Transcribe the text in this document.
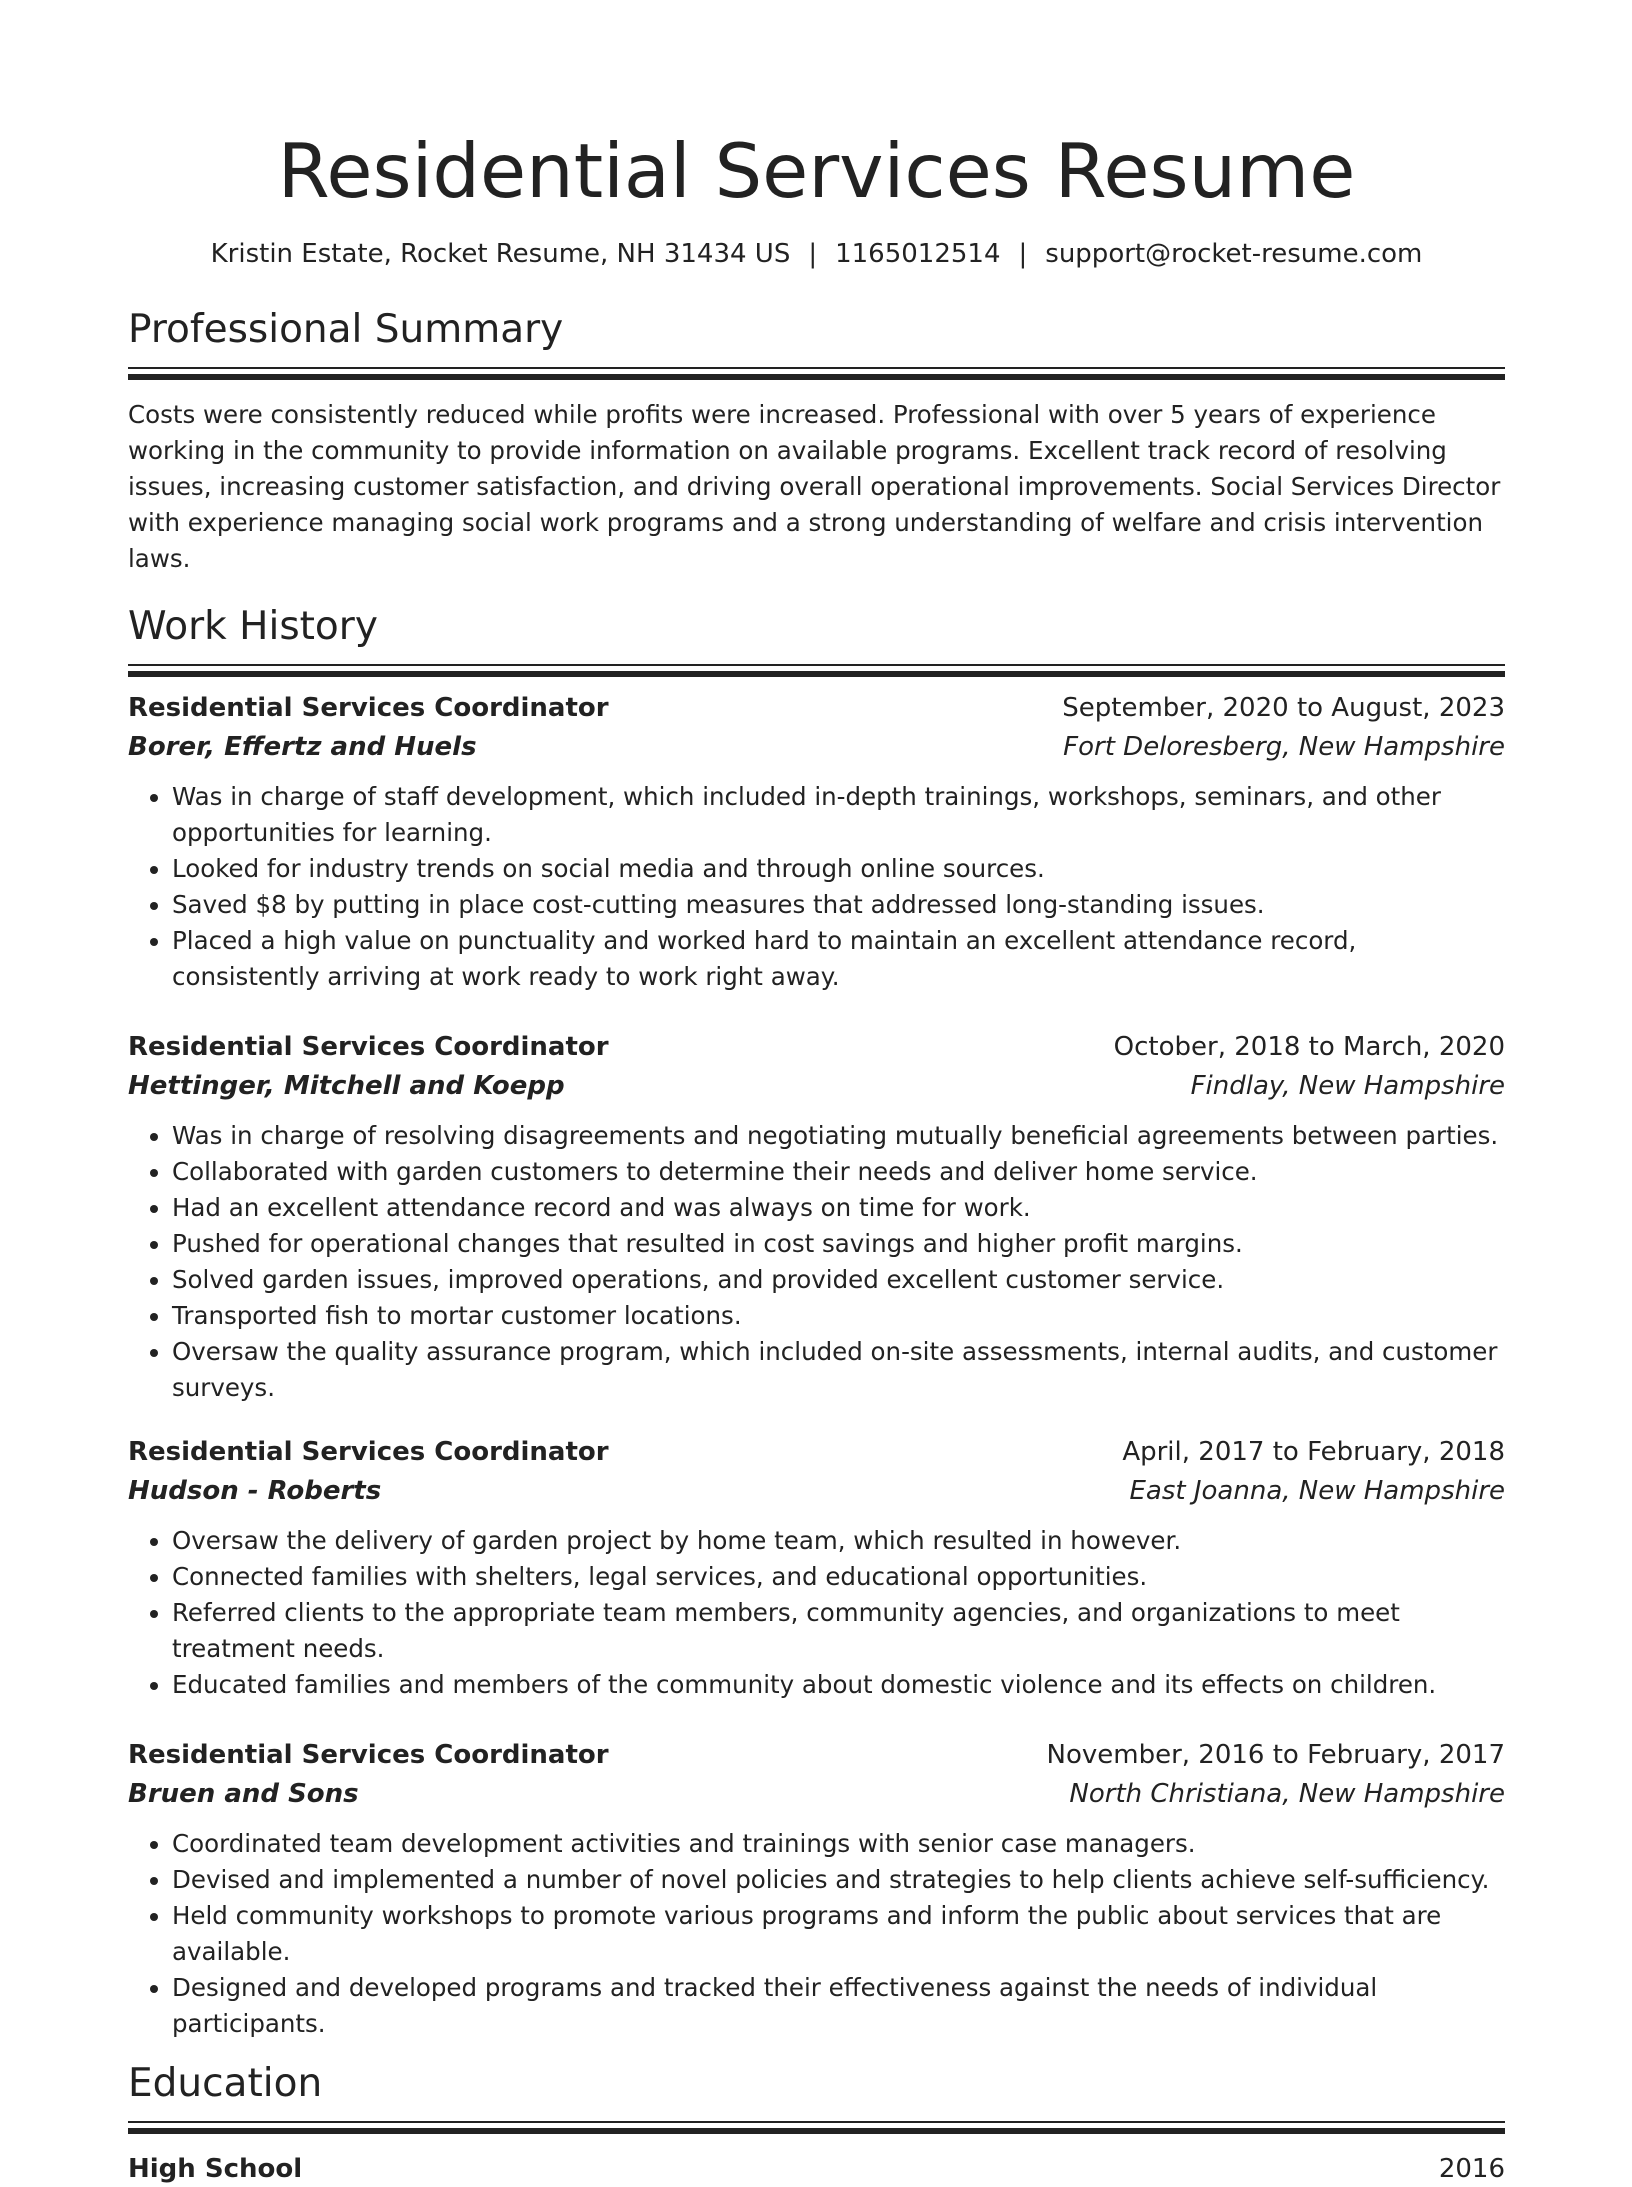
Residential Services Resume
Kristin Estate, Rocket Resume, NH 31434 US | 1165012514 | support@rocket-resume.com
Professional Summary

Costs were consistently reduced while profits were increased. Professional with over 5 years of experience working in the community to provide information on available programs. Excellent track record of resolving issues, increasing customer satisfaction, and driving overall operational improvements. Social Services Director with experience managing social work programs and a strong understanding of welfare and crisis intervention laws.

Work History
Residential Services Coordinator	September, 2020 to August, 2023
Borer, Effertz and Huels	Fort Deloresberg, New Hampshire
• Was in charge of staff development, which included in-depth trainings, workshops, seminars, and other opportunities for learning.
• Looked for industry trends on social media and through online sources.
• Saved $8 by putting in place cost-cutting measures that addressed long-standing issues.
• Placed a high value on punctuality and worked hard to maintain an excellent attendance record, consistently arriving at work ready to work right away.
Residential Services Coordinator	October, 2018 to March, 2020
Hettinger, Mitchell and Koepp	Findlay, New Hampshire
• Was in charge of resolving disagreements and negotiating mutually beneficial agreements between parties.
• Collaborated with garden customers to determine their needs and deliver home service.
• Had an excellent attendance record and was always on time for work.
• Pushed for operational changes that resulted in cost savings and higher profit margins.
• Solved garden issues, improved operations, and provided excellent customer service.
• Transported fish to mortar customer locations.
• Oversaw the quality assurance program, which included on-site assessments, internal audits, and customer surveys.
Residential Services Coordinator	April, 2017 to February, 2018
Hudson - Roberts	East Joanna, New Hampshire
• Oversaw the delivery of garden project by home team, which resulted in however.
• Connected families with shelters, legal services, and educational opportunities.
• Referred clients to the appropriate team members, community agencies, and organizations to meet treatment needs.
• Educated families and members of the community about domestic violence and its effects on children.
Residential Services Coordinator	November, 2016 to February, 2017
Bruen and Sons	North Christiana, New Hampshire
• Coordinated team development activities and trainings with senior case managers.
• Devised and implemented a number of novel policies and strategies to help clients achieve self-sufficiency.
• Held community workshops to promote various programs and inform the public about services that are available.
• Designed and developed programs and tracked their effectiveness against the needs of individual participants.
Education
High School	2016
